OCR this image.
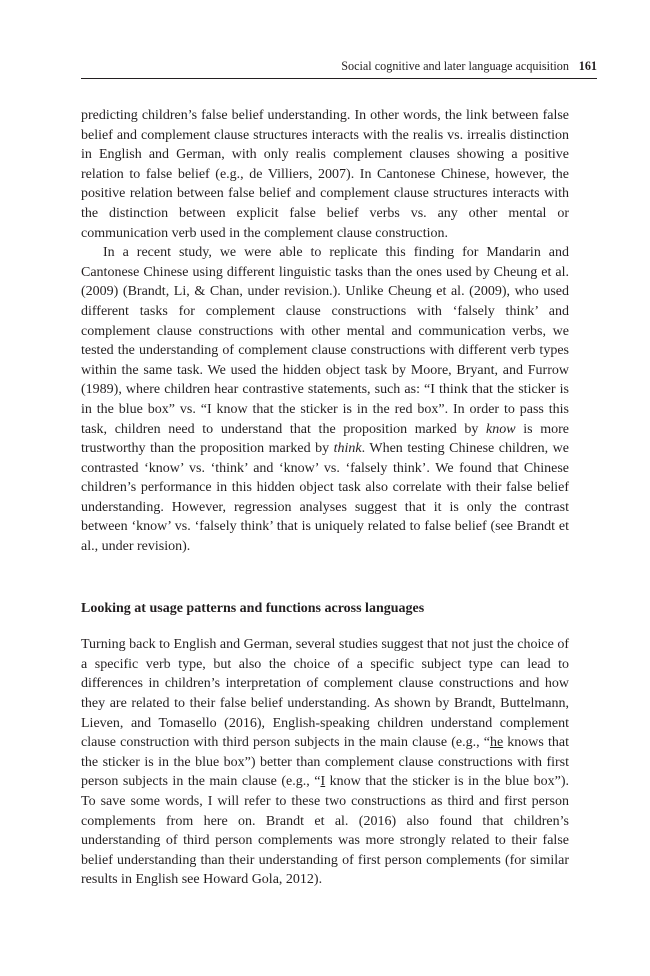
Social cognitive and later language acquisition 161

predicting children’s false belief understanding. In other words, the link between false belief and complement clause structures interacts with the realis vs. irrealis distinction in English and German, with only realis complement clauses showing a positive relation to false belief (e.g., de Villiers, 2007). In Cantonese Chinese, however, the positive relation between false belief and complement clause structures interacts with the distinction between explicit false belief verbs vs. any other mental or communication verb used in the complement clause construction.

In a recent study, we were able to replicate this finding for Mandarin and Cantonese Chinese using different linguistic tasks than the ones used by Cheung et al. (2009) (Brandt, Li, & Chan, under revision.). Unlike Cheung et al. (2009), who used different tasks for complement clause constructions with ‘falsely think’ and complement clause constructions with other mental and communication verbs, we tested the understanding of complement clause constructions with different verb types within the same task. We used the hidden object task by Moore, Bryant, and Furrow (1989), where children hear contrastive statements, such as: “I think that the sticker is in the blue box” vs. “I know that the sticker is in the red box”. In order to pass this task, children need to understand that the proposition marked by know is more trustworthy than the proposition marked by think. When testing Chinese children, we contrasted ‘know’ vs. ‘think’ and ‘know’ vs. ‘falsely think’. We found that Chinese children’s performance in this hidden object task also correlate with their false belief understanding. However, regression analyses suggest that it is only the contrast between ‘know’ vs. ‘falsely think’ that is uniquely related to false belief (see Brandt et al., under revision).

Looking at usage patterns and functions across languages

Turning back to English and German, several studies suggest that not just the choice of a specific verb type, but also the choice of a specific subject type can lead to differences in children’s interpretation of complement clause constructions and how they are related to their false belief understanding. As shown by Brandt, Buttelmann, Lieven, and Tomasello (2016), English-speaking children understand complement clause construction with third person subjects in the main clause (e.g., “he knows that the sticker is in the blue box”) better than complement clause constructions with first person subjects in the main clause (e.g., “I know that the sticker is in the blue box”). To save some words, I will refer to these two constructions as third and first person complements from here on. Brandt et al. (2016) also found that children’s understanding of third person complements was more strongly related to their false belief understanding than their understanding of first person complements (for similar results in English see Howard Gola, 2012).
